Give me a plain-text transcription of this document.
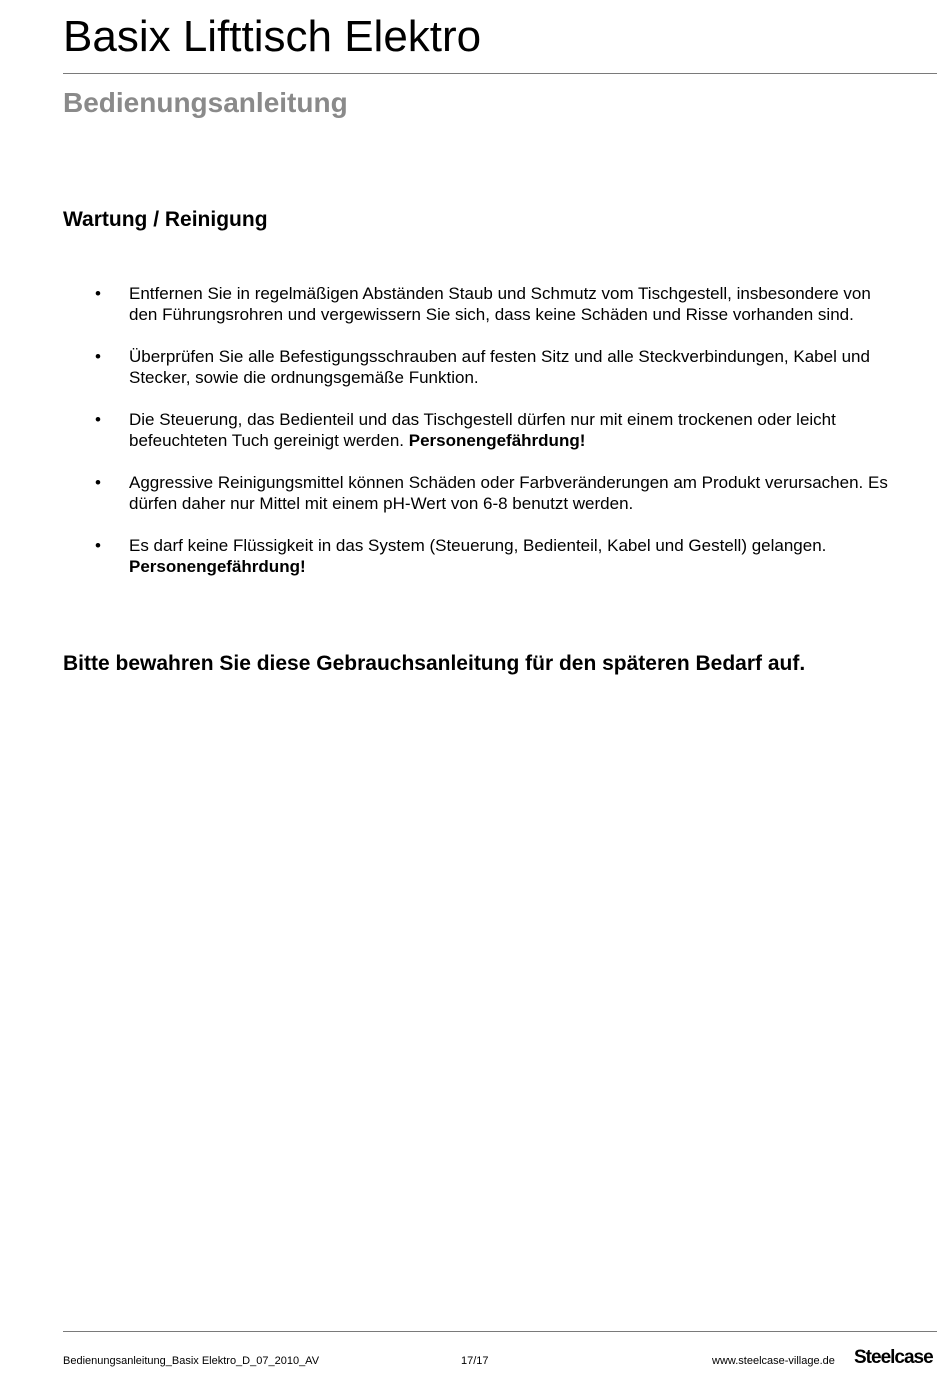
Basix Lifttisch Elektro
Bedienungsanleitung
Wartung / Reinigung
• Entfernen Sie in regelmäßigen Abständen Staub und Schmutz vom Tischgestell, insbesondere von den Führungsrohren und vergewissern Sie sich, dass keine Schäden und Risse vorhanden sind.
• Überprüfen Sie alle Befestigungsschrauben auf festen Sitz und alle Steckverbindungen, Kabel und Stecker, sowie die ordnungsgemäße Funktion.
• Die Steuerung, das Bedienteil und das Tischgestell dürfen nur mit einem trockenen oder leicht befeuchteten Tuch gereinigt werden. Personengefährdung!
• Aggressive Reinigungsmittel können Schäden oder Farbveränderungen am Produkt verursachen. Es dürfen daher nur Mittel mit einem pH-Wert von 6-8 benutzt werden.
• Es darf keine Flüssigkeit in das System (Steuerung, Bedienteil, Kabel und Gestell) gelangen. Personengefährdung!

Bitte bewahren Sie diese Gebrauchsanleitung für den späteren Bedarf auf.

Bedienungsanleitung_Basix Elektro_D_07_2010_AV	17/17	www.steelcase-village.de Steelcase
